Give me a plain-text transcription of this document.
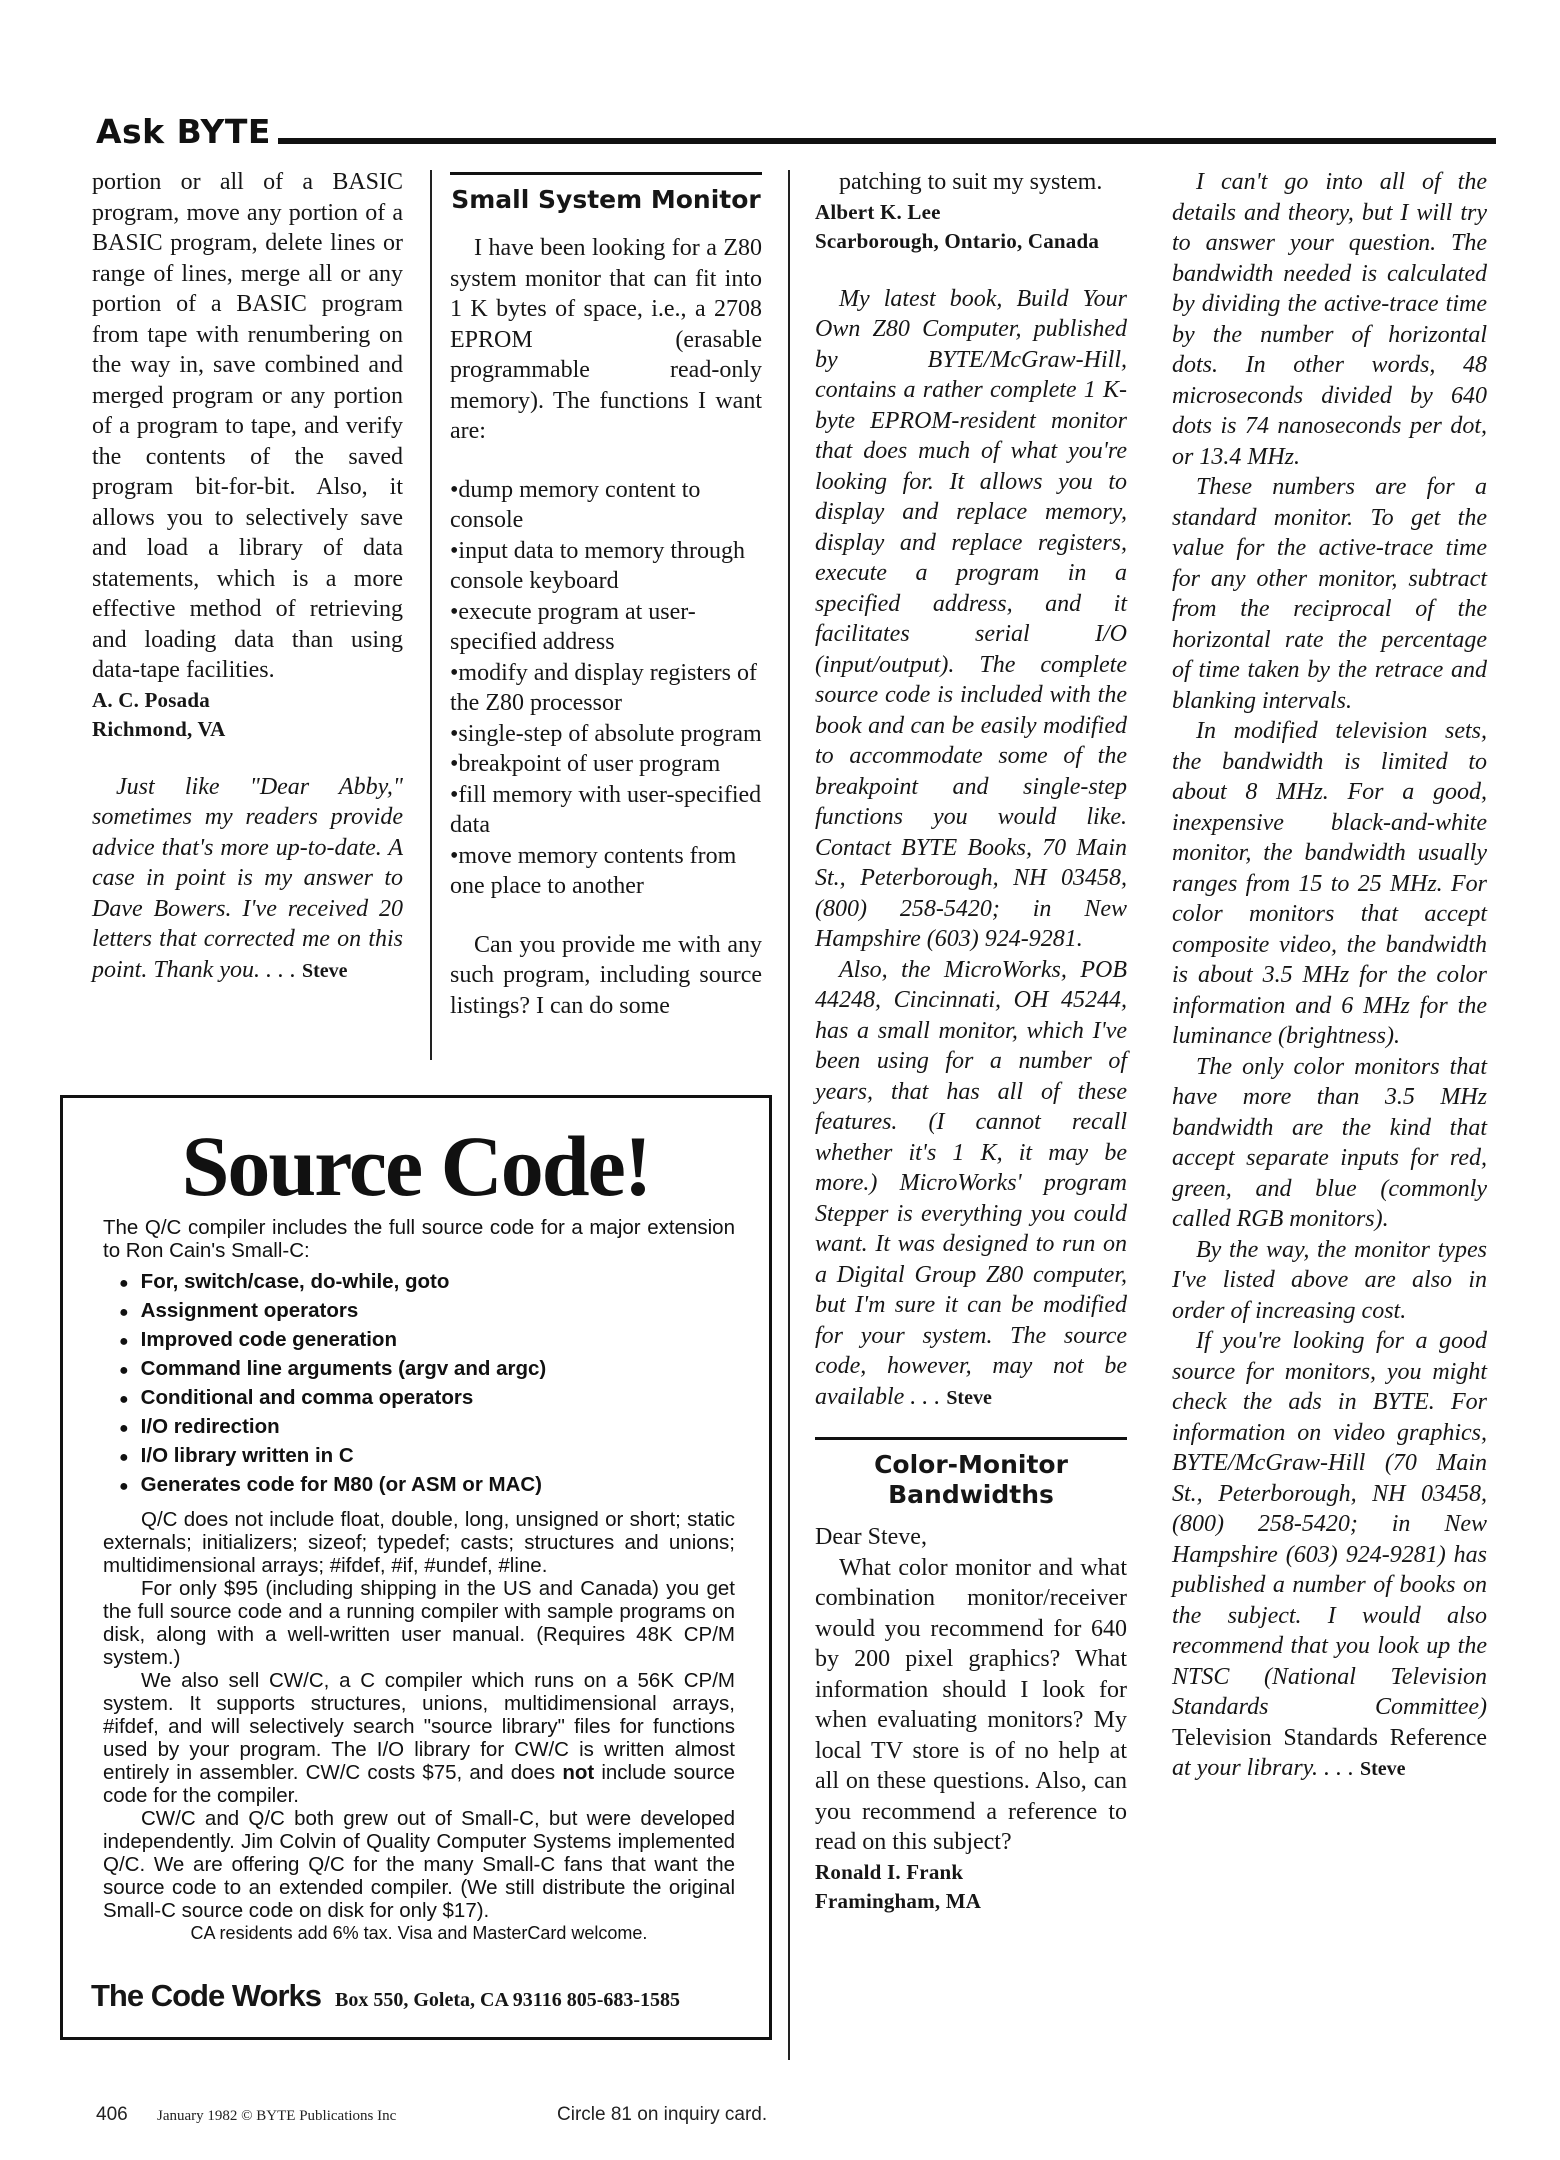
Ask BYTE

portion or all of a BASIC program, move any portion of a BASIC program, delete lines or range of lines, merge all or any portion of a BASIC program from tape with renumbering on the way in, save combined and merged program or any portion of a program to tape, and verify the contents of the saved program bit-for-bit. Also, it allows you to selectively save and load a library of data statements, which is a more effective method of retrieving and loading data than using data-tape facilities.

A. C. Posada
Richmond, VA

Just like "Dear Abby," sometimes my readers provide advice that's more up-to-date. A case in point is my answer to Dave Bowers. I've received 20 letters that corrected me on this point. Thank you. . . . Steve

Small System Monitor

I have been looking for a Z80 system monitor that can fit into 1 K bytes of space, i.e., a 2708 EPROM (erasable programmable read-only memory). The functions I want are:

•dump memory content to console
•input data to memory through console keyboard
•execute program at user-specified address
•modify and display registers of the Z80 processor
•single-step of absolute program
•breakpoint of user program
•fill memory with user-specified data
•move memory contents from one place to another

Can you provide me with any such program, including source listings? I can do some

patching to suit my system.

Albert K. Lee
Scarborough, Ontario, Canada

My latest book, Build Your Own Z80 Computer, published by BYTE/McGraw-Hill, contains a rather complete 1 K-byte EPROM-resident monitor that does much of what you're looking for. It allows you to display and replace memory, display and replace registers, execute a program in a specified address, and it facilitates serial I/O (input/output). The complete source code is included with the book and can be easily modified to accommodate some of the breakpoint and single-step functions you would like. Contact BYTE Books, 70 Main St., Peterborough, NH 03458, (800) 258-5420; in New Hampshire (603) 924-9281.

Also, the MicroWorks, POB 44248, Cincinnati, OH 45244, has a small monitor, which I've been using for a number of years, that has all of these features. (I cannot recall whether it's 1 K, it may be more.) MicroWorks' program Stepper is everything you could want. It was designed to run on a Digital Group Z80 computer, but I'm sure it can be modified for your system. The source code, however, may not be available . . . Steve

Color-Monitor Bandwidths

Dear Steve,

What color monitor and what combination monitor/receiver would you recommend for 640 by 200 pixel graphics? What information should I look for when evaluating monitors? My local TV store is of no help at all on these questions. Also, can you recommend a reference to read on this subject?

Ronald I. Frank
Framingham, MA

I can't go into all of the details and theory, but I will try to answer your question. The bandwidth needed is calculated by dividing the active-trace time by the number of horizontal dots. In other words, 48 microseconds divided by 640 dots is 74 nanoseconds per dot, or 13.4 MHz.

These numbers are for a standard monitor. To get the value for the active-trace time for any other monitor, subtract from the reciprocal of the horizontal rate the percentage of time taken by the retrace and blanking intervals.

In modified television sets, the bandwidth is limited to about 8 MHz. For a good, inexpensive black-and-white monitor, the bandwidth usually ranges from 15 to 25 MHz. For color monitors that accept composite video, the bandwidth is about 3.5 MHz for the color information and 6 MHz for the luminance (brightness).

The only color monitors that have more than 3.5 MHz bandwidth are the kind that accept separate inputs for red, green, and blue (commonly called RGB monitors).

By the way, the monitor types I've listed above are also in order of increasing cost.

If you're looking for a good source for monitors, you might check the ads in BYTE. For information on video graphics, BYTE/McGraw-Hill (70 Main St., Peterborough, NH 03458, (800) 258-5420; in New Hampshire (603) 924-9281) has published a number of books on the subject. I would also recommend that you look up the NTSC (National Television Standards Committee) Television Standards Reference at your library. . . . Steve

Source Code!

The Q/C compiler includes the full source code for a major extension to Ron Cain's Small-C:

● For, switch/case, do-while, goto
● Assignment operators
● Improved code generation
● Command line arguments (argv and argc)
● Conditional and comma operators
● I/O redirection
● I/O library written in C
● Generates code for M80 (or ASM or MAC)

Q/C does not include float, double, long, unsigned or short; static externals; initializers; sizeof; typedef; casts; structures and unions; multidimensional arrays; #ifdef, #if, #undef, #line.

For only $95 (including shipping in the US and Canada) you get the full source code and a running compiler with sample programs on disk, along with a well-written user manual. (Requires 48K CP/M system.)

We also sell CW/C, a C compiler which runs on a 56K CP/M system. It supports structures, unions, multidimensional arrays, #ifdef, and will selectively search "source library" files for functions used by your program. The I/O library for CW/C is written almost entirely in assembler. CW/C costs $75, and does not include source code for the compiler.

CW/C and Q/C both grew out of Small-C, but were developed independently. Jim Colvin of Quality Computer Systems implemented Q/C. We are offering Q/C for the many Small-C fans that want the source code to an extended compiler. (We still distribute the original Small-C source code on disk for only $17).

CA residents add 6% tax. Visa and MasterCard welcome.

The Code Works Box 550, Goleta, CA 93116 805-683-1585
406 January 1982 © BYTE Publications Inc	Circle 81 on inquiry card.
